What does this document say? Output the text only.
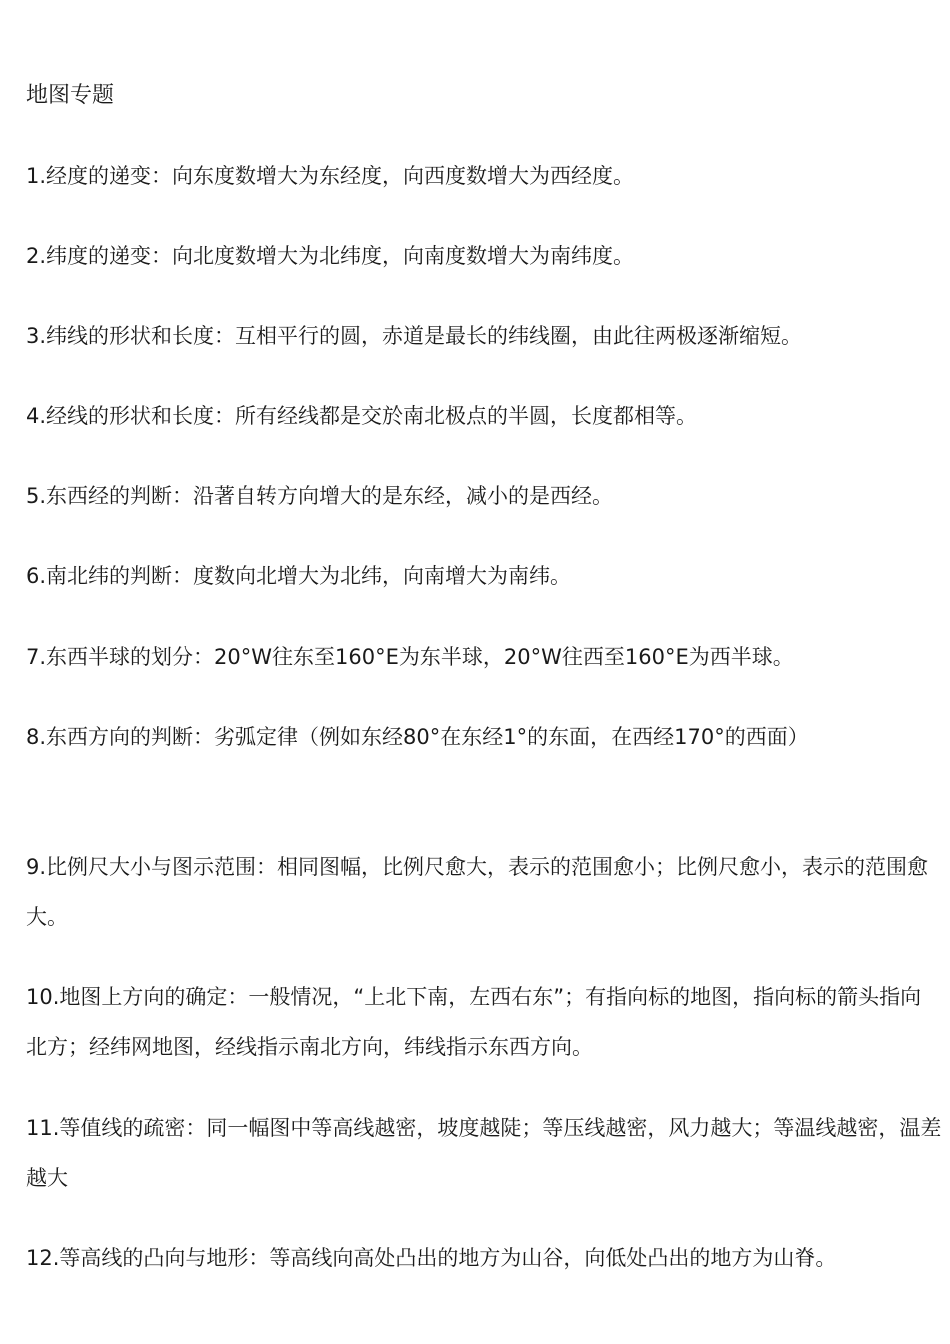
地图专题
1.经度的递变：向东度数增大为东经度，向西度数增大为西经度。
2.纬度的递变：向北度数增大为北纬度，向南度数增大为南纬度。
3.纬线的形状和长度：互相平行的圆，赤道是最长的纬线圈，由此往两极逐渐缩短。
4.经线的形状和长度：所有经线都是交於南北极点的半圆，长度都相等。
5.东西经的判断：沿著自转方向增大的是东经，减小的是西经。
6.南北纬的判断：度数向北增大为北纬，向南增大为南纬。
7.东西半球的划分：20°W往东至160°E为东半球，20°W往西至160°E为西半球。
8.东西方向的判断：劣弧定律（例如东经80°在东经1°的东面，在西经170°的西面）
9.比例尺大小与图示范围：相同图幅，比例尺愈大，表示的范围愈小；比例尺愈小，表示的范围愈大。
10.地图上方向的确定：一般情况，“上北下南，左西右东”；有指向标的地图，指向标的箭头指向北方；经纬网地图，经线指示南北方向，纬线指示东西方向。
11.等值线的疏密：同一幅图中等高线越密，坡度越陡；等压线越密，风力越大；等温线越密，温差越大
12.等高线的凸向与地形：等高线向高处凸出的地方为山谷，向低处凸出的地方为山脊。
